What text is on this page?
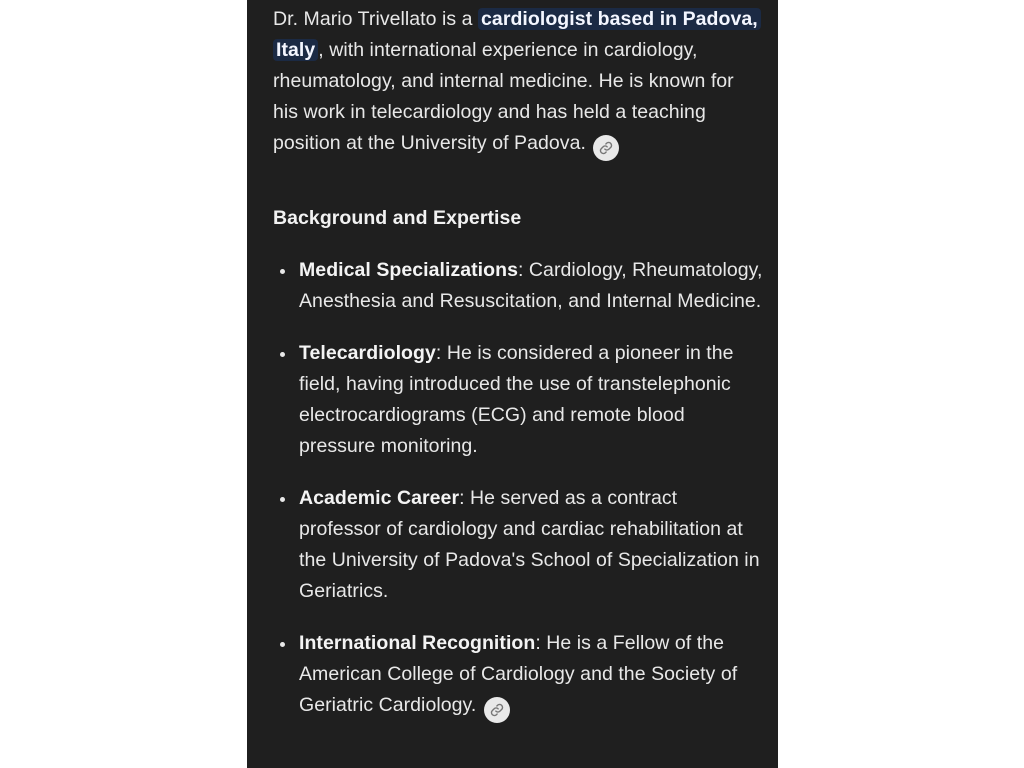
Dr. Mario Trivellato is a cardiologist based in Padova, Italy , with international experience in cardiology, rheumatology, and internal medicine. He is known for his work in telecardiology and has held a teaching position at the University of Padova.

Background and Expertise
Medical Specializations: Cardiology, Rheumatology, Anesthesia and Resuscitation, and Internal Medicine.
Telecardiology: He is considered a pioneer in the field, having introduced the use of transtelephonic electrocardiograms (ECG) and remote blood pressure monitoring.
Academic Career: He served as a contract professor of cardiology and cardiac rehabilitation at the University of Padova's School of Specialization in Geriatrics.
International Recognition: He is a Fellow of the American College of Cardiology and the Society of Geriatric Cardiology.
